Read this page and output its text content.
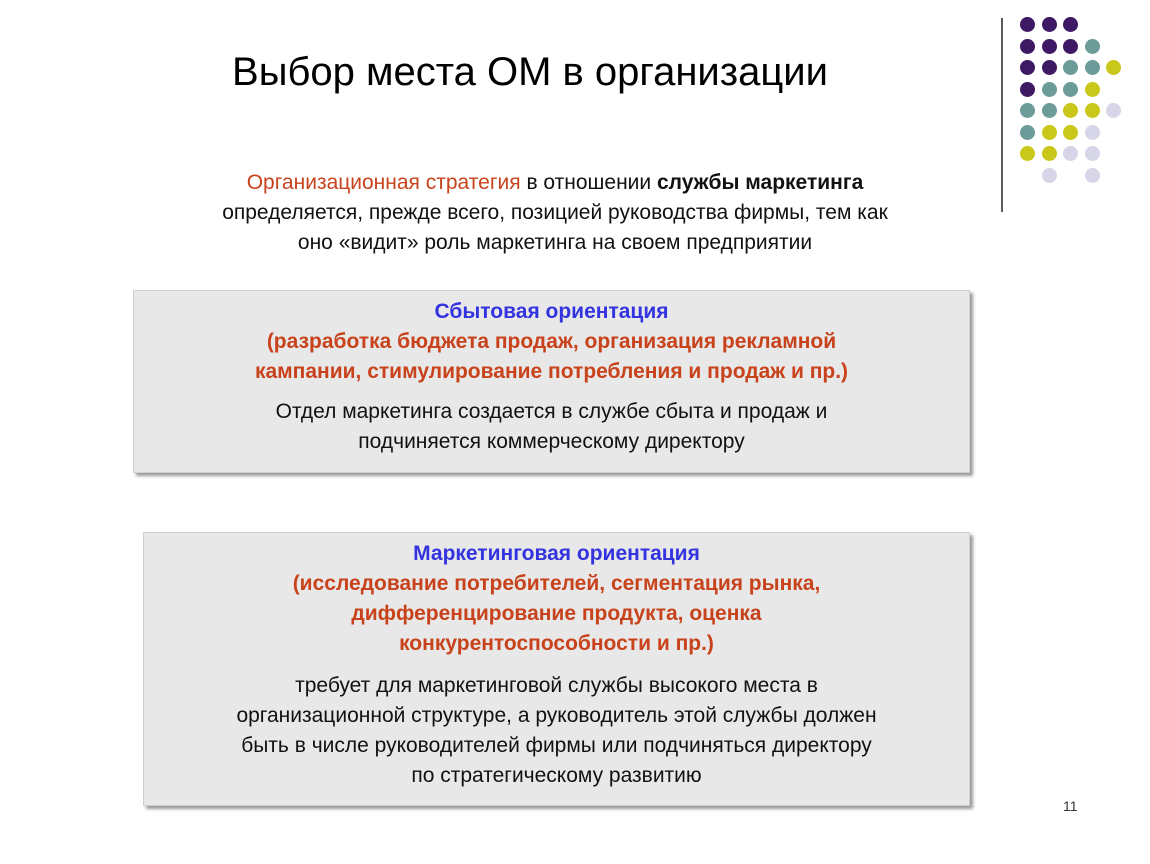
Выбор места ОМ в организации
Организационная стратегия в отношении службы маркетинга
определяется, прежде всего, позицией руководства фирмы, тем как
оно «видит» роль маркетинга на своем предприятии
Сбытовая ориентация
(разработка бюджета продаж, организация рекламной
кампании, стимулирование потребления и продаж и пр.)
Отдел маркетинга создается в службе сбыта и продаж и
подчиняется коммерческому директору
Маркетинговая ориентация
(исследование потребителей, сегментация рынка,
дифференцирование продукта, оценка
конкурентоспособности и пр.)
требует для маркетинговой службы высокого места в
организационной структуре, а руководитель этой службы должен
быть в числе руководителей фирмы или подчиняться директору
по стратегическому развитию
11
